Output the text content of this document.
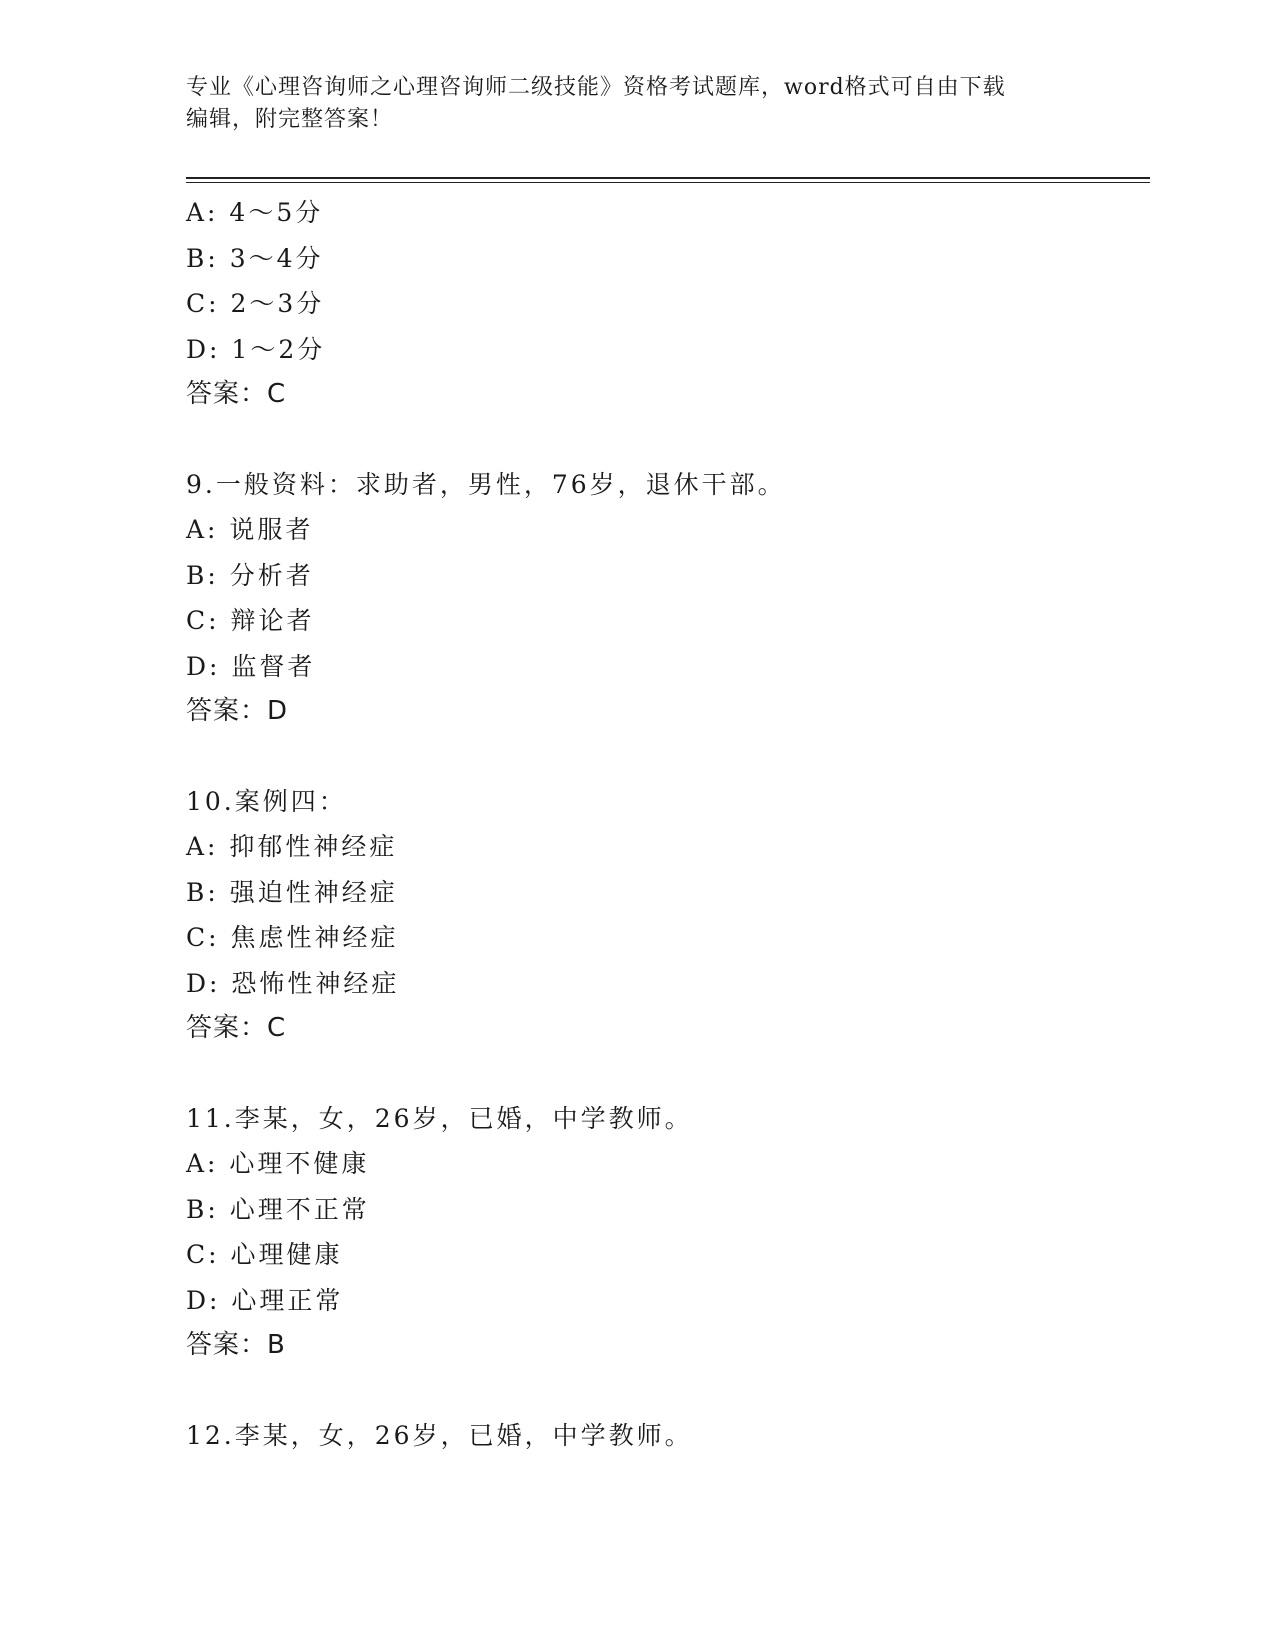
专业《心理咨询师之心理咨询师二级技能》资格考试题库，word格式可自由下载
编辑，附完整答案！
A: 4～5分
B: 3～4分
C: 2～3分
D: 1～2分
答案：C
9.一般资料：求助者，男性，76岁，退休干部。
A: 说服者
B: 分析者
C: 辩论者
D: 监督者
答案：D
10.案例四：
A: 抑郁性神经症
B: 强迫性神经症
C: 焦虑性神经症
D: 恐怖性神经症
答案：C
11.李某，女，26岁，已婚，中学教师。
A: 心理不健康
B: 心理不正常
C: 心理健康
D: 心理正常
答案：B
12.李某，女，26岁，已婚，中学教师。
